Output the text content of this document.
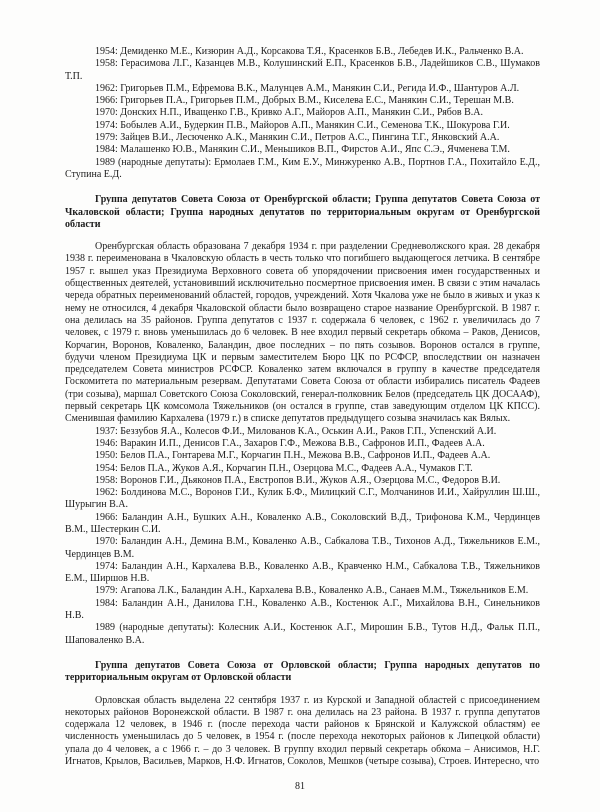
1954: Демиденко М.Е., Кизюрин А.Д., Корсакова Т.Я., Красенков Б.В., Лебедев И.К., Ральченко В.А.

1958: Герасимова Л.Г., Казанцев М.В., Колушинский Е.П., Красенков Б.В., Ладейшиков С.В., Шумаков Т.П.

1962: Григорьев П.М., Ефремова В.К., Малунцев А.М., Манякин С.И., Регида И.Ф., Шантуров А.Л.

1966: Григорьев П.А., Григорьев П.М., Добрых В.М., Киселева Е.С., Манякин С.И., Терешан М.В.

1970: Донских Н.П., Иващенко Г.В., Кривко А.Г., Майоров А.П., Манякин С.И., Рябов В.А.

1974: Бобылев А.И., Будеркин П.В., Майоров А.П., Манякин С.И., Семенова Т.К., Шокурова Г.И.

1979: Зайцев В.И., Лесюченко А.К., Манякин С.И., Петров А.С., Пингина Т.Г., Янковский А.А.

1984: Малашенко Ю.В., Манякин С.И., Меньшиков В.П., Фирстов А.И., Япс С.Э., Ячменева Т.М.

1989 (народные депутаты): Ермолаев Г.М., Ким Е.У., Минжуренко А.В., Портнов Г.А., Похитайло Е.Д., Ступина Е.Д.

Группа депутатов Совета Союза от Оренбургской области; Группа депутатов Совета Союза от Чкаловской области; Группа народных депутатов по территориальным округам от Оренбургской области

Оренбургская область образована 7 декабря 1934 г. при разделении Средневолжского края. 28 декабря 1938 г. переименована в Чкаловскую область в честь только что погибшего выдающегося летчика. В сентябре 1957 г. вышел указ Президиума Верховного совета об упорядочении присвоения имен государственных и общественных деятелей, установивший исключительно посмертное присвоения имен. В связи с этим началась череда обратных переименований областей, городов, учреждений. Хотя Чкалова уже не было в живых и указ к нему не относился, 4 декабря Чкаловской области было возвращено старое название Оренбургской. В 1987 г. она делилась на 35 районов. Группа депутатов с 1937 г. содержала 6 человек, с 1962 г. увеличилась до 7 человек, с 1979 г. вновь уменьшилась до 6 человек. В нее входил первый секретарь обкома – Раков, Денисов, Корчагин, Воронов, Коваленко, Баландин, двое последних – по пять созывов. Воронов остался в группе, будучи членом Президиума ЦК и первым заместителем Бюро ЦК по РСФСР, впоследствии он назначен председателем Совета министров РСФСР. Коваленко затем включался в группу в качестве председателя Госкомитета по материальным резервам. Депутатами Совета Союза от области избирались писатель Фадеев (три созыва), маршал Советского Союза Соколовский, генерал-полковник Белов (председатель ЦК ДОСААФ), первый секретарь ЦК комсомола Тяжельников (он остался в группе, став заведующим отделом ЦК КПСС). Сменившая фамилию Кархалева (1979 г.) в списке депутатов предыдущего созыва значилась как Вялых.

1937: Беззубов Я.А., Колесов Ф.И., Милованов К.А., Оськин А.И., Раков Г.П., Успенский А.И.

1946: Варакин И.П., Денисов Г.А., Захаров Г.Ф., Межова В.В., Сафронов И.П., Фадеев А.А.

1950: Белов П.А., Гонтарева М.Г., Корчагин П.Н., Межова В.В., Сафронов И.П., Фадеев А.А.

1954: Белов П.А., Жуков А.Я., Корчагин П.Н., Озерцова М.С., Фадеев А.А., Чумаков Г.Т.

1958: Воронов Г.И., Дьяконов П.А., Евстропов В.И., Жуков А.Я., Озерцова М.С., Федоров В.И.

1962: Болдинова М.С., Воронов Г.И., Кулик Б.Ф., Милицкий С.Г., Молчанинов И.И., Хайруллин Ш.Ш., Шурыгин В.А.

1966: Баландин А.Н., Бушких А.Н., Коваленко А.В., Соколовский В.Д., Трифонова К.М., Чердинцев В.М., Шестеркин С.И.

1970: Баландин А.Н., Демина В.М., Коваленко А.В., Сабкалова Т.В., Тихонов А.Д., Тяжельников Е.М., Чердинцев В.М.

1974: Баландин А.Н., Кархалева В.В., Коваленко А.В., Кравченко Н.М., Сабкалова Т.В., Тяжельников Е.М., Ширшов Н.В.

1979: Агапова Л.К., Баландин А.Н., Кархалева В.В., Коваленко А.В., Санаев М.М., Тяжельников Е.М.

1984: Баландин А.Н., Данилова Г.Н., Коваленко А.В., Костенюк А.Г., Михайлова В.Н., Синельников Н.В.

1989 (народные депутаты): Колесник А.И., Костенюк А.Г., Мирошин Б.В., Тутов Н.Д., Фальк П.П., Шаповаленко В.А.

Группа депутатов Совета Союза от Орловской области; Группа народных депутатов по территориальным округам от Орловской области

Орловская область выделена 22 сентября 1937 г. из Курской и Западной областей с присоединением некоторых районов Воронежской области. В 1987 г. она делилась на 23 района. В 1937 г. группа депутатов содержала 12 человек, в 1946 г. (после перехода части районов к Брянской и Калужской областям) ее численность уменьшилась до 5 человек, в 1954 г. (после перехода некоторых районов к Липецкой области) упала до 4 человек, а с 1966 г. – до 3 человек. В группу входил первый секретарь обкома – Анисимов, Н.Г. Игнатов, Крылов, Васильев, Марков, Н.Ф. Игнатов, Соколов, Мешков (четыре созыва), Строев. Интересно, что

81
